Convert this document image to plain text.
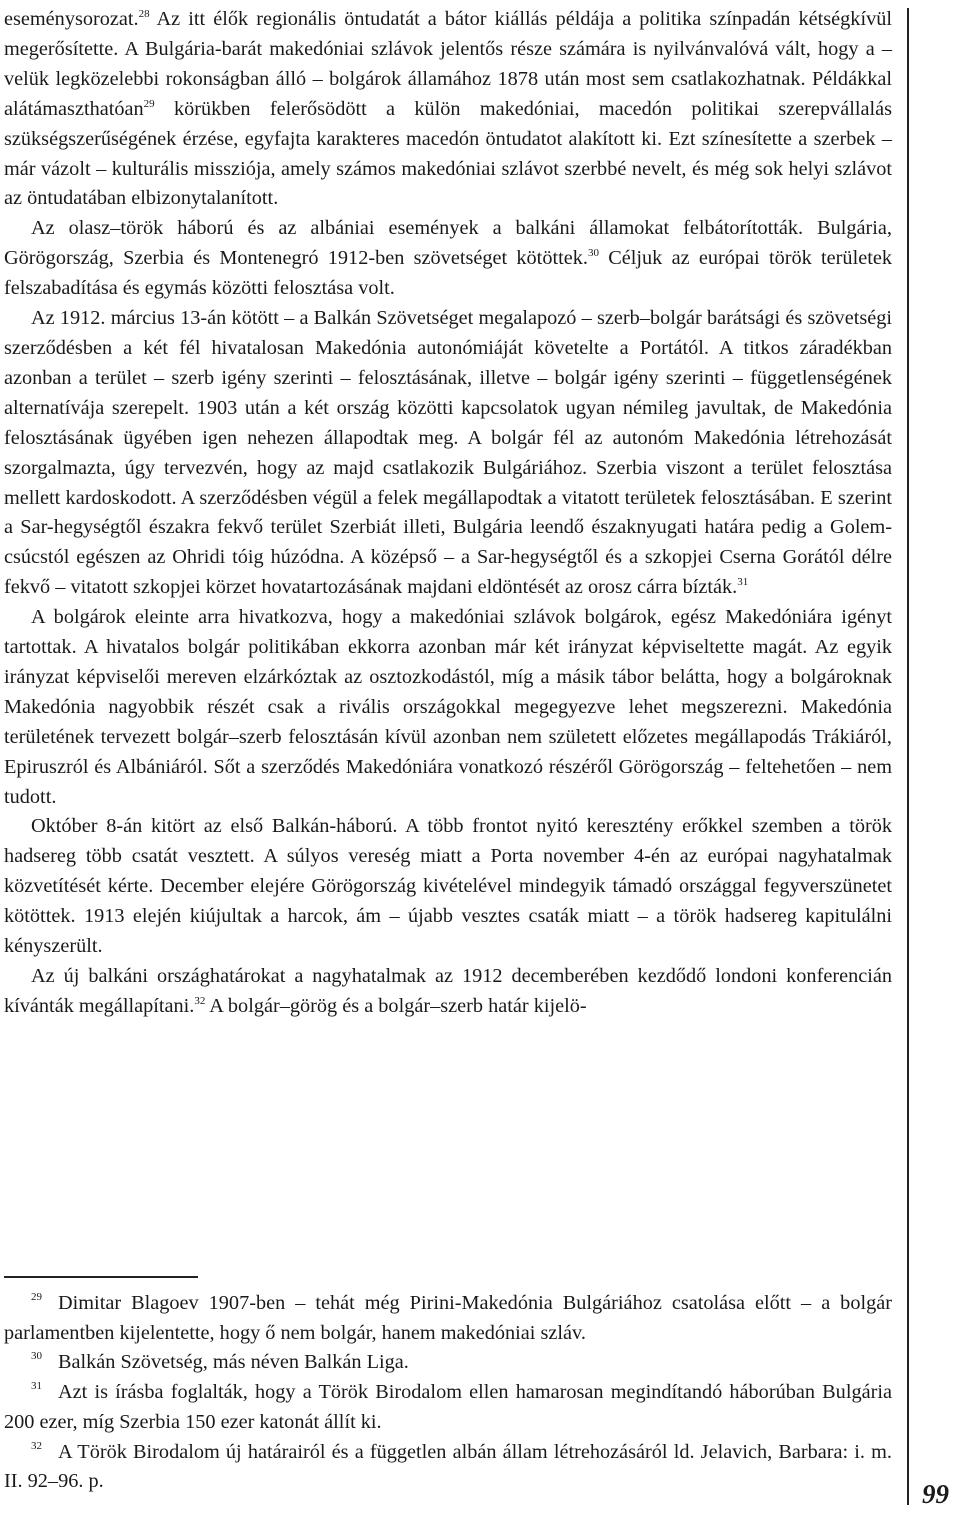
eseménysorozat.$^{28}$ Az itt élők regionális öntudatát a bátor kiállás példája a politika színpadán kétségkívül megerősítette. A Bulgária-barát makedóniai szlávok jelentős része számára is nyilvánvalóvá vált, hogy a – velük legközelebbi rokonságban álló – bolgárok államához 1878 után most sem csatlakozhatnak. Példákkal alátámaszthatóan$^{29}$ körükben felerősödött a külön makedóniai, macedón politikai szerepvállalás szükségszerűségének érzése, egyfajta karakteres macedón öntudatot alakított ki. Ezt színesítette a szerbek – már vázolt – kulturális missziója, amely számos makedóniai szlávot szerbbé nevelt, és még sok helyi szlávot az öntudatában elbizonytalanított.

Az olasz–török háború és az albániai események a balkáni államokat felbátorították. Bulgária, Görögország, Szerbia és Montenegró 1912-ben szövetséget kötöttek.$^{30}$ Céljuk az európai török területek felszabadítása és egymás közötti felosztása volt.

Az 1912. március 13-án kötött – a Balkán Szövetséget megalapozó – szerb–bolgár barátsági és szövetségi szerződésben a két fél hivatalosan Makedónia autonómiáját követelte a Portától. A titkos záradékban azonban a terület – szerb igény szerinti – felosztásának, illetve – bolgár igény szerinti – függetlenségének alternatívája szerepelt. 1903 után a két ország közötti kapcsolatok ugyan némileg javultak, de Makedónia felosztásának ügyében igen nehezen állapodtak meg. A bolgár fél az autonóm Makedónia létrehozását szorgalmazta, úgy tervezvén, hogy az majd csatlakozik Bulgáriához. Szerbia viszont a terület felosztása mellett kardoskodott. A szerződésben végül a felek megállapodtak a vitatott területek felosztásában. E szerint a Sar-hegységtől északra fekvő terület Szerbiát illeti, Bulgária leendő északnyugati határa pedig a Golem-csúcstól egészen az Ohridi tóig húzódna. A középső – a Sar-hegységtől és a szkopjei Cserna Gorától délre fekvő – vitatott szkopjei körzet hovatartozásának majdani eldöntését az orosz cárra bízták.$^{31}$

A bolgárok eleinte arra hivatkozva, hogy a makedóniai szlávok bolgárok, egész Makedóniára igényt tartottak. A hivatalos bolgár politikában ekkorra azonban már két irányzat képviseltette magát. Az egyik irányzat képviselői mereven elzárkóztak az osztozkodástól, míg a másik tábor belátta, hogy a bolgároknak Makedónia nagyobbik részét csak a rivális országokkal megegyezve lehet megszerezni. Makedónia területének tervezett bolgár–szerb felosztásán kívül azonban nem született előzetes megállapodás Trákiáról, Epiruszról és Albániáról. Sőt a szerződés Makedóniára vonatkozó részéről Görögország – feltehetően – nem tudott.

Október 8-án kitört az első Balkán-háború. A több frontot nyitó keresztény erőkkel szemben a török hadsereg több csatát vesztett. A súlyos vereség miatt a Porta november 4-én az európai nagyhatalmak közvetítését kérte. December elejére Görögország kivételével mindegyik támadó országgal fegyverszünetet kötöttek. 1913 elején kiújultak a harcok, ám – újabb vesztes csaták miatt – a török hadsereg kapitulálni kényszerült.

Az új balkáni országhatárokat a nagyhatalmak az 1912 decemberében kezdődő londoni konferencián kívánták megállapítani.$^{32}$ A bolgár–görög és a bolgár–szerb határ kijelö-

$^{29}$ Dimitar Blagoev 1907-ben – tehát még Pirini-Makedónia Bulgáriához csatolása előtt – a bolgár parlamentben kijelentette, hogy ő nem bolgár, hanem makedóniai szláv.

$^{30}$ Balkán Szövetség, más néven Balkán Liga.

$^{31}$ Azt is írásba foglalták, hogy a Török Birodalom ellen hamarosan megindítandó háborúban Bulgária 200 ezer, míg Szerbia 150 ezer katonát állít ki.

$^{32}$ A Török Birodalom új határairól és a független albán állam létrehozásáról ld. Jelavich, Barbara: i. m. II. 92–96. p.	99
